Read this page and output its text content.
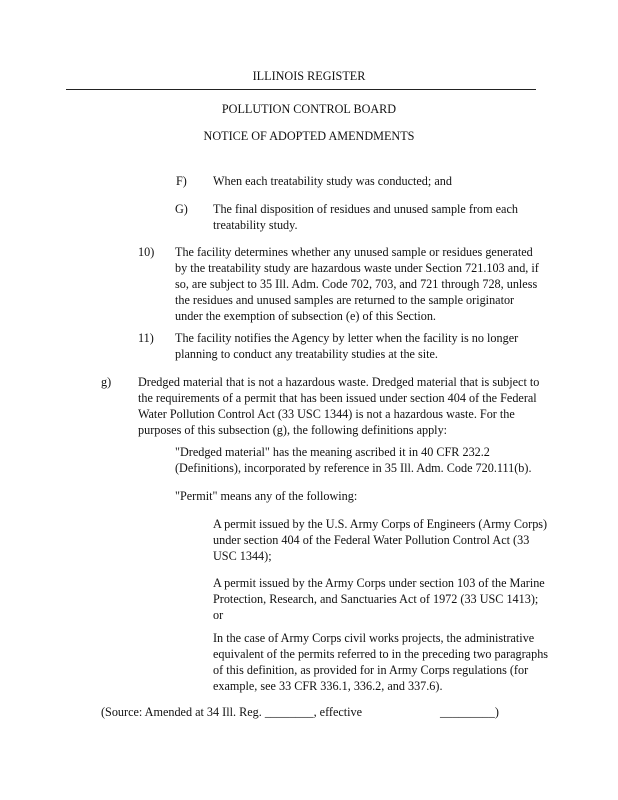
ILLINOIS REGISTER

POLLUTION CONTROL BOARD

NOTICE OF ADOPTED AMENDMENTS

F) When each treatability study was conducted; and
G) The final disposition of residues and unused sample from each
treatability study.
10) The facility determines whether any unused sample or residues generated
by the treatability study are hazardous waste under Section 721.103 and, if
so, are subject to 35 Ill. Adm. Code 702, 703, and 721 through 728, unless
the residues and unused samples are returned to the sample originator
under the exemption of subsection (e) of this Section.
11) The facility notifies the Agency by letter when the facility is no longer
planning to conduct any treatability studies at the site.
g) Dredged material that is not a hazardous waste. Dredged material that is subject to
the requirements of a permit that has been issued under section 404 of the Federal
Water Pollution Control Act (33 USC 1344) is not a hazardous waste. For the
purposes of this subsection (g), the following definitions apply:
"Dredged material" has the meaning ascribed it in 40 CFR 232.2
(Definitions), incorporated by reference in 35 Ill. Adm. Code 720.111(b).
"Permit" means any of the following:
A permit issued by the U.S. Army Corps of Engineers (Army Corps)
under section 404 of the Federal Water Pollution Control Act (33
USC 1344);
A permit issued by the Army Corps under section 103 of the Marine
Protection, Research, and Sanctuaries Act of 1972 (33 USC 1413);
or
In the case of Army Corps civil works projects, the administrative
equivalent of the permits referred to in the preceding two paragraphs
of this definition, as provided for in Army Corps regulations (for
example, see 33 CFR 336.1, 336.2, and 337.6).
(Source: Amended at 34 Ill. Reg. ________, effective	_________)
